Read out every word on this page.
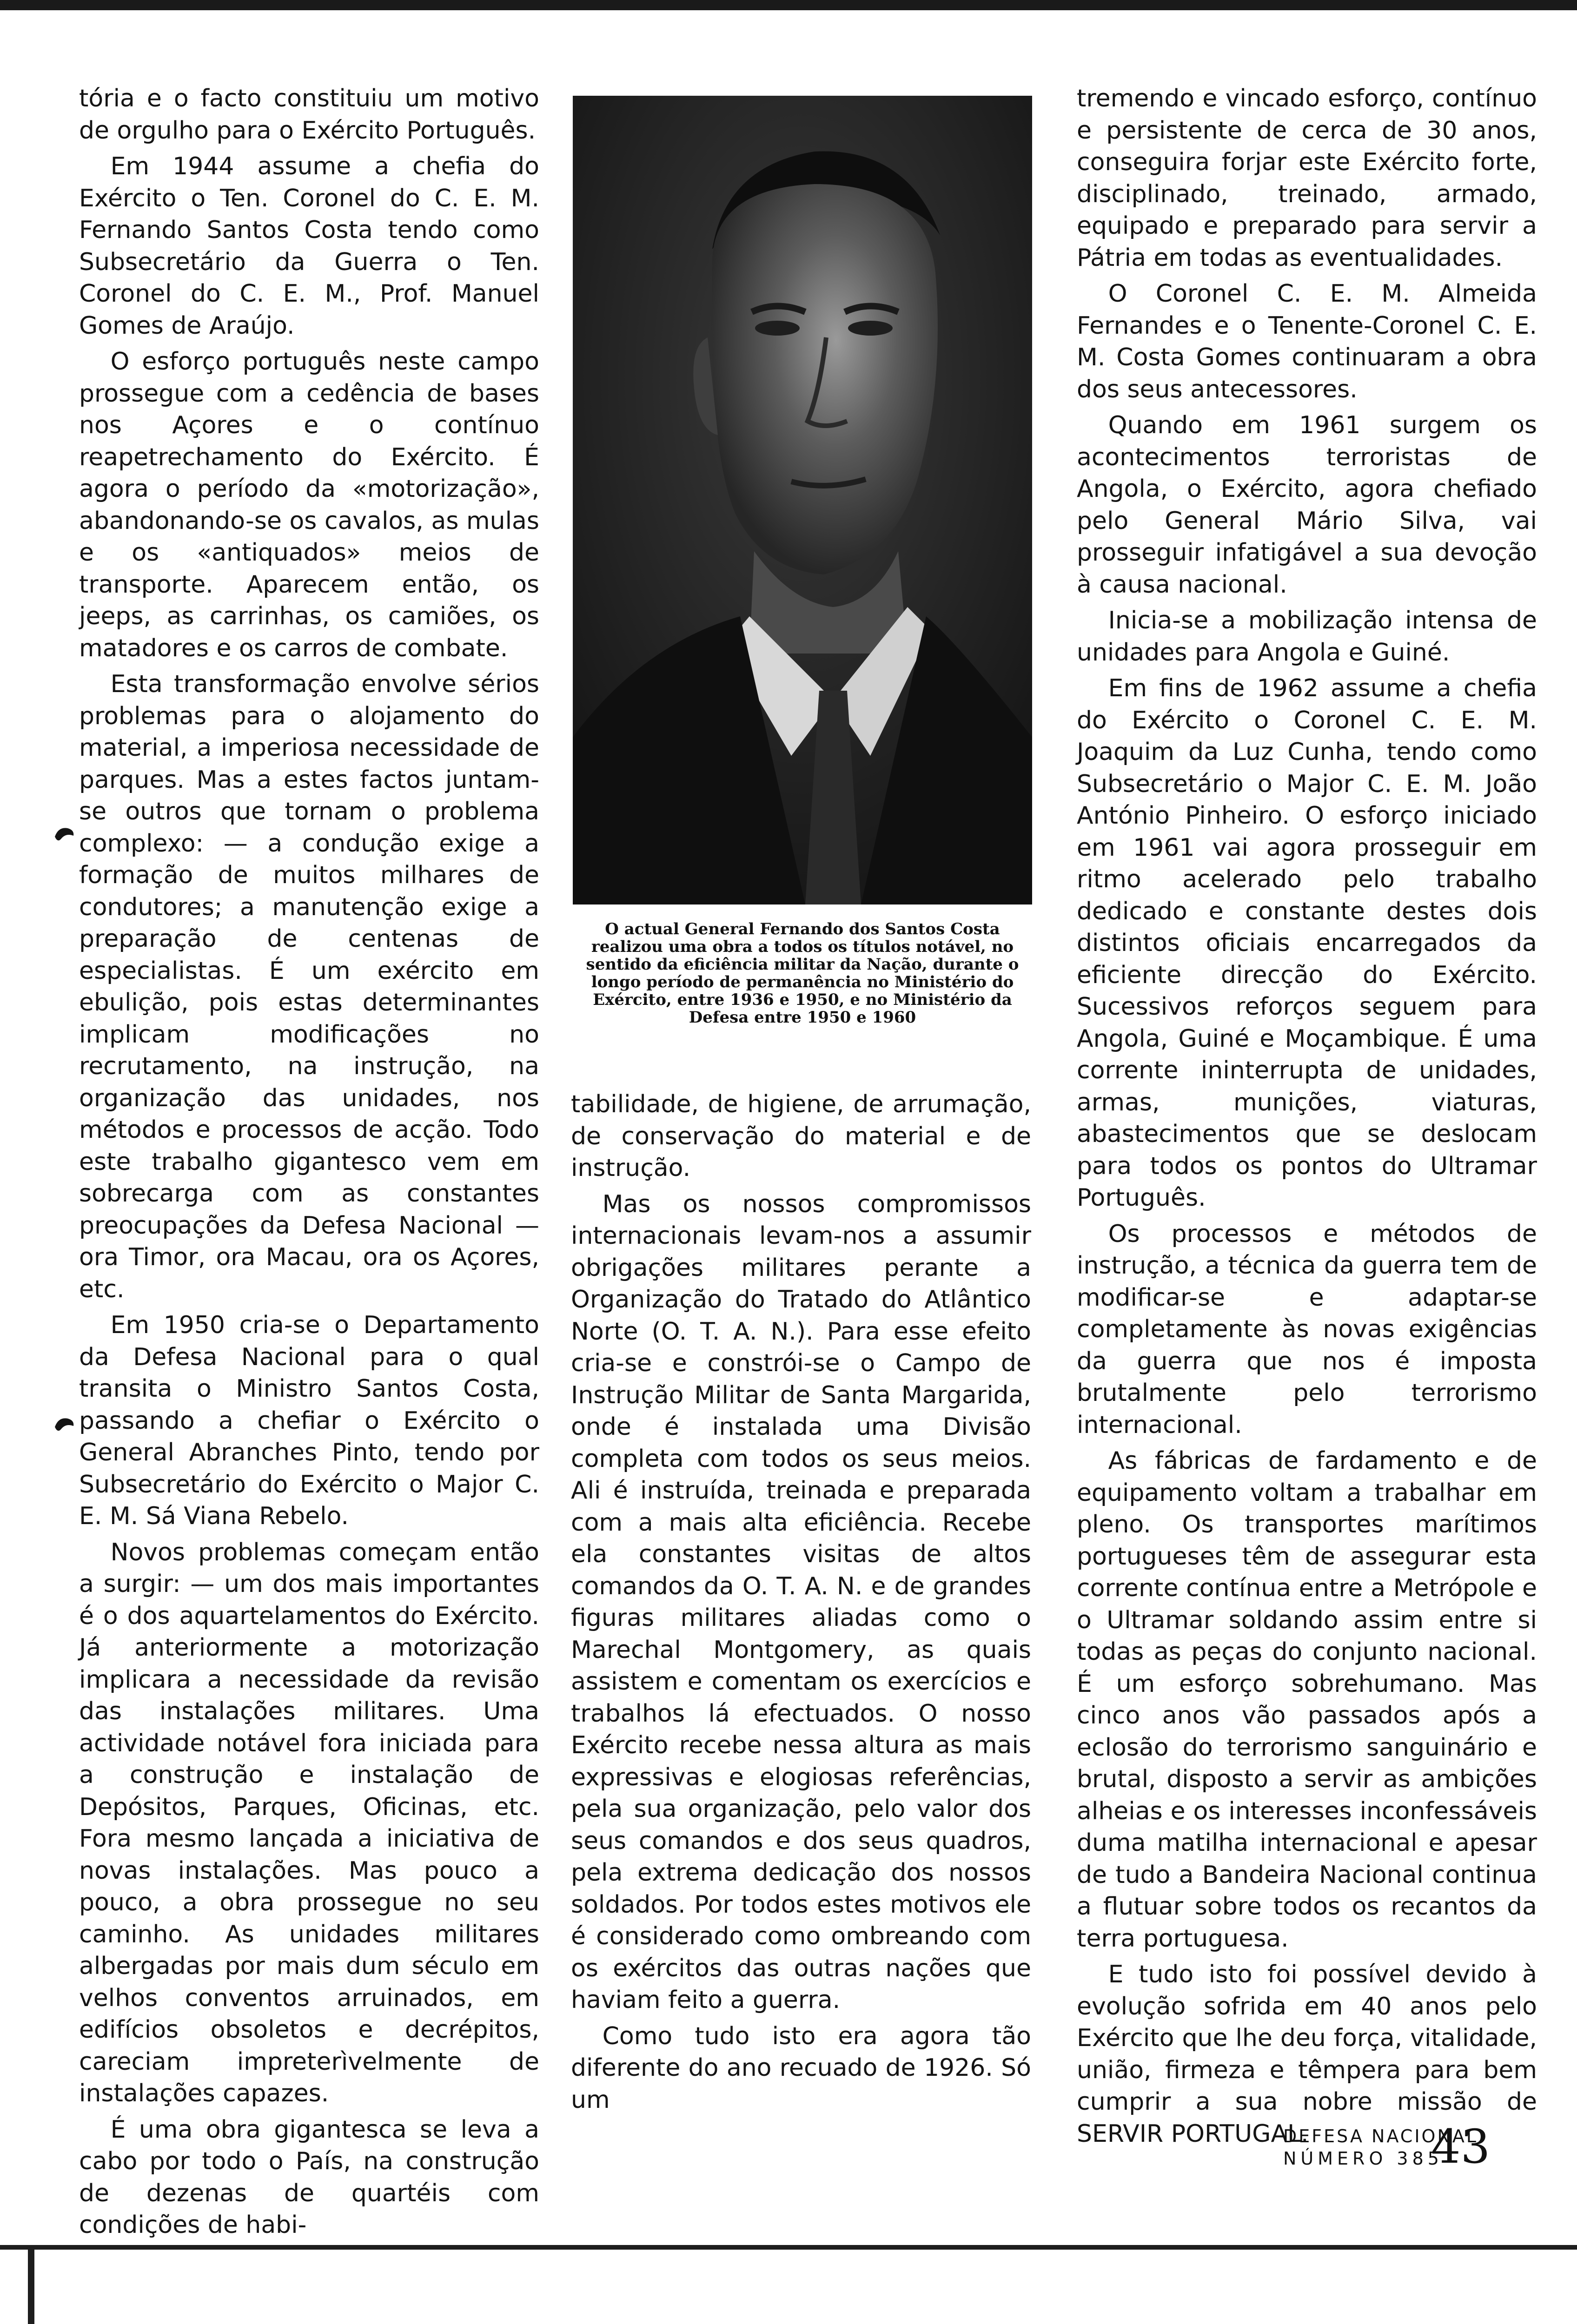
tória e o facto constituiu um motivo de orgulho para o Exército Português.

Em 1944 assume a chefia do Exército o Ten. Coronel do C. E. M. Fernando Santos Costa tendo como Subsecretário da Guerra o Ten. Coronel do C. E. M., Prof. Manuel Gomes de Araújo.

O esforço português neste campo prossegue com a cedência de bases nos Açores e o contínuo reapetrechamento do Exército. É agora o período da «motorização», abandonando-se os cavalos, as mulas e os «antiquados» meios de transporte. Aparecem então, os jeeps, as carrinhas, os camiões, os matadores e os carros de combate.

Esta transformação envolve sérios problemas para o alojamento do material, a imperiosa necessidade de parques. Mas a estes factos juntam-se outros que tornam o problema complexo: — a condução exige a formação de muitos milhares de condutores; a manutenção exige a preparação de centenas de especialistas. É um exército em ebulição, pois estas determinantes implicam modificações no recrutamento, na instrução, na organização das unidades, nos métodos e processos de acção. Todo este trabalho gigantesco vem em sobrecarga com as constantes preocupações da Defesa Nacional — ora Timor, ora Macau, ora os Açores, etc.

Em 1950 cria-se o Departamento da Defesa Nacional para o qual transita o Ministro Santos Costa, passando a chefiar o Exército o General Abranches Pinto, tendo por Subsecretário do Exército o Major C. E. M. Sá Viana Rebelo.

Novos problemas começam então a surgir: — um dos mais importantes é o dos aquartelamentos do Exército. Já anteriormente a motorização implicara a necessidade da revisão das instalações militares. Uma actividade notável fora iniciada para a construção e instalação de Depósitos, Parques, Oficinas, etc. Fora mesmo lançada a iniciativa de novas instalações. Mas pouco a pouco, a obra prossegue no seu caminho. As unidades militares albergadas por mais dum século em velhos conventos arruinados, em edifícios obsoletos e decrépitos, careciam impreterìvelmente de instalações capazes.

É uma obra gigantesca se leva a cabo por todo o País, na construção de dezenas de quartéis com condições de habi-

O actual General Fernando dos Santos Costa realizou uma obra a todos os títulos notável, no sentido da eficiência militar da Nação, durante o longo período de permanência no Ministério do Exército, entre 1936 e 1950, e no Ministério da Defesa entre 1950 e 1960

tabilidade, de higiene, de arrumação, de conservação do material e de instrução.

Mas os nossos compromissos internacionais levam-nos a assumir obrigações militares perante a Organização do Tratado do Atlântico Norte (O. T. A. N.). Para esse efeito cria-se e constrói-se o Campo de Instrução Militar de Santa Margarida, onde é instalada uma Divisão completa com todos os seus meios. Ali é instruída, treinada e preparada com a mais alta eficiência. Recebe ela constantes visitas de altos comandos da O. T. A. N. e de grandes figuras militares aliadas como o Marechal Montgomery, as quais assistem e comentam os exercícios e trabalhos lá efectuados. O nosso Exército recebe nessa altura as mais expressivas e elogiosas referências, pela sua organização, pelo valor dos seus comandos e dos seus quadros, pela extrema dedicação dos nossos soldados. Por todos estes motivos ele é considerado como ombreando com os exércitos das outras nações que haviam feito a guerra.

Como tudo isto era agora tão diferente do ano recuado de 1926. Só um

tremendo e vincado esforço, contínuo e persistente de cerca de 30 anos, conseguira forjar este Exército forte, disciplinado, treinado, armado, equipado e preparado para servir a Pátria em todas as eventualidades.

O Coronel C. E. M. Almeida Fernandes e o Tenente-Coronel C. E. M. Costa Gomes continuaram a obra dos seus antecessores.

Quando em 1961 surgem os acontecimentos terroristas de Angola, o Exército, agora chefiado pelo General Mário Silva, vai prosseguir infatigável a sua devoção à causa nacional.

Inicia-se a mobilização intensa de unidades para Angola e Guiné.

Em fins de 1962 assume a chefia do Exército o Coronel C. E. M. Joaquim da Luz Cunha, tendo como Subsecretário o Major C. E. M. João António Pinheiro. O esforço iniciado em 1961 vai agora prosseguir em ritmo acelerado pelo trabalho dedicado e constante destes dois distintos oficiais encarregados da eficiente direcção do Exército. Sucessivos reforços seguem para Angola, Guiné e Moçambique. É uma corrente ininterrupta de unidades, armas, munições, viaturas, abastecimentos que se deslocam para todos os pontos do Ultramar Português.

Os processos e métodos de instrução, a técnica da guerra tem de modificar-se e adaptar-se completamente às novas exigências da guerra que nos é imposta brutalmente pelo terrorismo internacional.

As fábricas de fardamento e de equipamento voltam a trabalhar em pleno. Os transportes marítimos portugueses têm de assegurar esta corrente contínua entre a Metrópole e o Ultramar soldando assim entre si todas as peças do conjunto nacional. É um esforço sobrehumano. Mas cinco anos vão passados após a eclosão do terrorismo sanguinário e brutal, disposto a servir as ambições alheias e os interesses inconfessáveis duma matilha internacional e apesar de tudo a Bandeira Nacional continua a flutuar sobre todos os recantos da terra portuguesa.

E tudo isto foi possível devido à evolução sofrida em 40 anos pelo Exército que lhe deu força, vitalidade, união, firmeza e têmpera para bem cumprir a sua nobre missão de SERVIR PORTUGAL.

DEFESA NACIONAL
NÚMERO 385
43
